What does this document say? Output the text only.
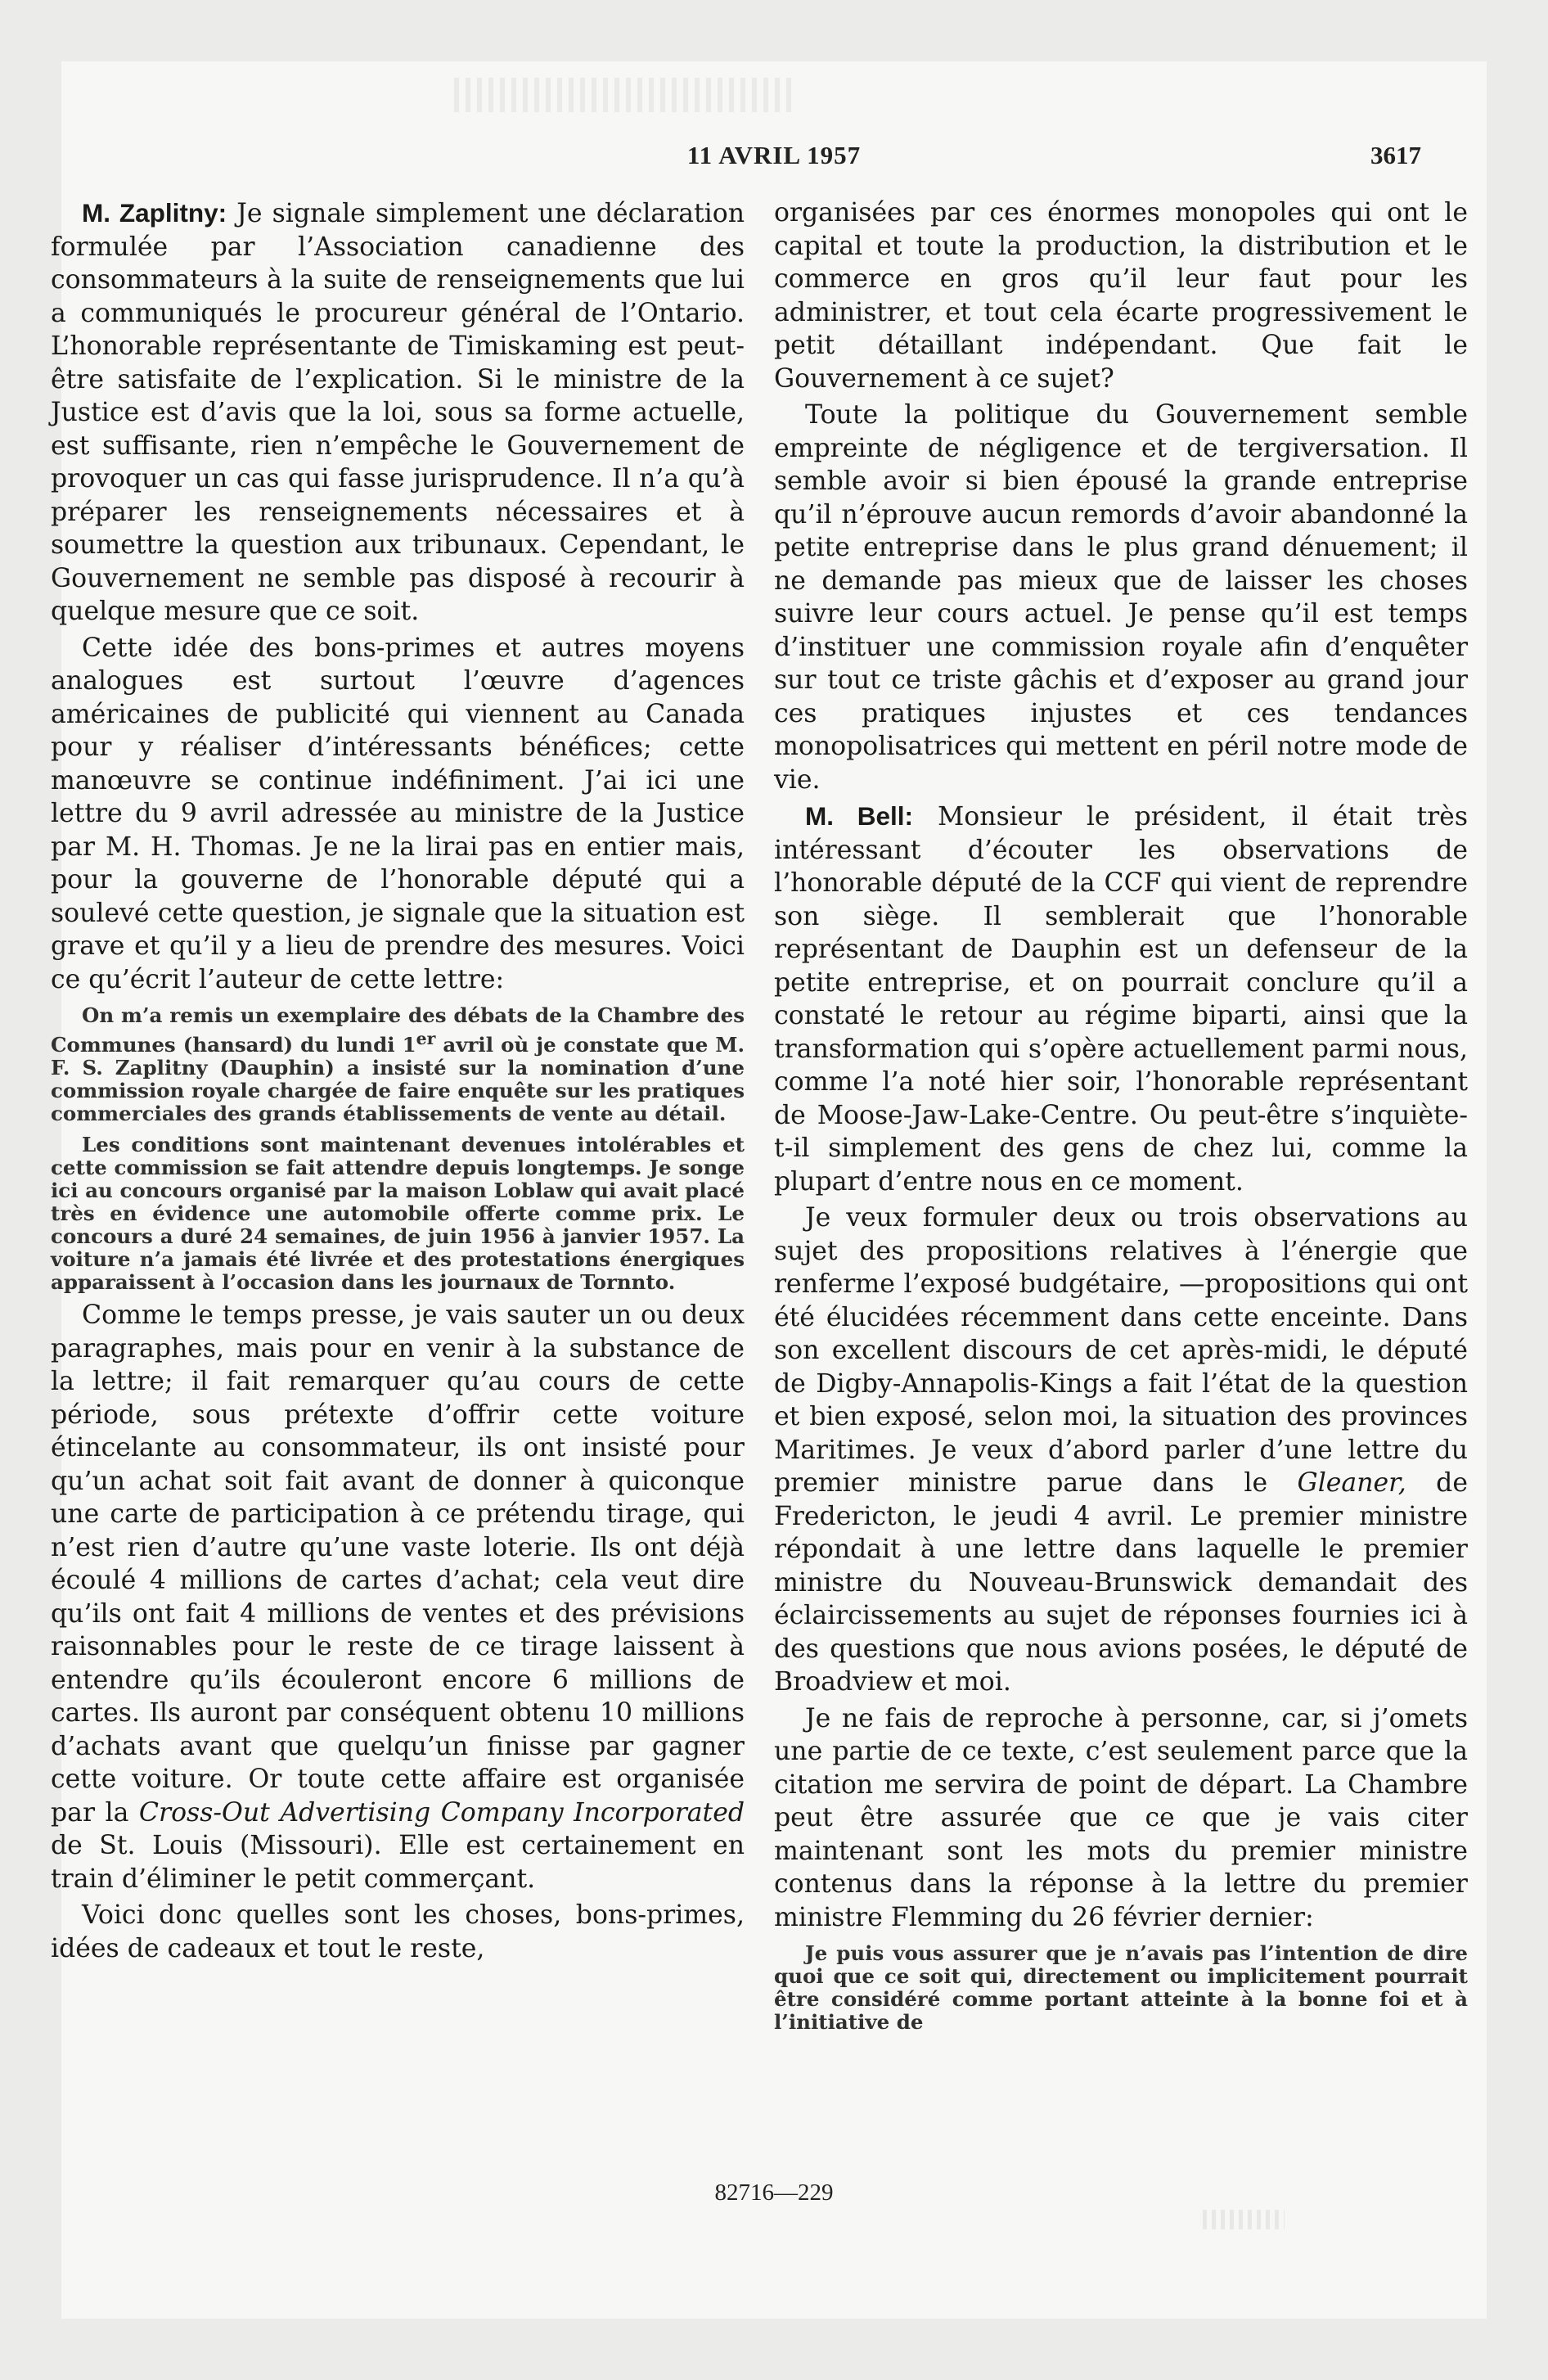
11 AVRIL 1957	3617

M. Zaplitny: Je signale simplement une déclaration formulée par l’Association canadienne des consommateurs à la suite de renseignements que lui a communiqués le procureur général de l’Ontario. L’honorable représentante de Timiskaming est peut-être satisfaite de l’explication. Si le ministre de la Justice est d’avis que la loi, sous sa forme actuelle, est suffisante, rien n’empêche le Gouvernement de provoquer un cas qui fasse jurisprudence. Il n’a qu’à préparer les renseignements nécessaires et à soumettre la question aux tribunaux. Cependant, le Gouvernement ne semble pas disposé à recourir à quelque mesure que ce soit.

Cette idée des bons-primes et autres moyens analogues est surtout l’œuvre d’agences américaines de publicité qui viennent au Canada pour y réaliser d’intéressants bénéfices; cette manœuvre se continue indéfiniment. J’ai ici une lettre du 9 avril adressée au ministre de la Justice par M. H. Thomas. Je ne la lirai pas en entier mais, pour la gouverne de l’honorable député qui a soulevé cette question, je signale que la situation est grave et qu’il y a lieu de prendre des mesures. Voici ce qu’écrit l’auteur de cette lettre:

On m’a remis un exemplaire des débats de la Chambre des Communes (hansard) du lundi 1er avril où je constate que M. F. S. Zaplitny (Dauphin) a insisté sur la nomination d’une commission royale chargée de faire enquête sur les pratiques commerciales des grands établissements de vente au détail.

Les conditions sont maintenant devenues intolérables et cette commission se fait attendre depuis longtemps. Je songe ici au concours organisé par la maison Loblaw qui avait placé très en évidence une automobile offerte comme prix. Le concours a duré 24 semaines, de juin 1956 à janvier 1957. La voiture n’a jamais été livrée et des protestations énergiques apparaissent à l’occasion dans les journaux de Tornnto.

Comme le temps presse, je vais sauter un ou deux paragraphes, mais pour en venir à la substance de la lettre; il fait remarquer qu’au cours de cette période, sous prétexte d’offrir cette voiture étincelante au consommateur, ils ont insisté pour qu’un achat soit fait avant de donner à quiconque une carte de participation à ce prétendu tirage, qui n’est rien d’autre qu’une vaste loterie. Ils ont déjà écoulé 4 millions de cartes d’achat; cela veut dire qu’ils ont fait 4 millions de ventes et des prévisions raisonnables pour le reste de ce tirage laissent à entendre qu’ils écouleront encore 6 millions de cartes. Ils auront par conséquent obtenu 10 millions d’achats avant que quelqu’un finisse par gagner cette voiture. Or toute cette affaire est organisée par la Cross-Out Advertising Company Incorporated de St. Louis (Missouri). Elle est certainement en train d’éliminer le petit commerçant.

Voici donc quelles sont les choses, bons-primes, idées de cadeaux et tout le reste,

organisées par ces énormes monopoles qui ont le capital et toute la production, la distribution et le commerce en gros qu’il leur faut pour les administrer, et tout cela écarte progressivement le petit détaillant indépendant. Que fait le Gouvernement à ce sujet?

Toute la politique du Gouvernement semble empreinte de négligence et de tergiversation. Il semble avoir si bien épousé la grande entreprise qu’il n’éprouve aucun remords d’avoir abandonné la petite entreprise dans le plus grand dénuement; il ne demande pas mieux que de laisser les choses suivre leur cours actuel. Je pense qu’il est temps d’instituer une commission royale afin d’enquêter sur tout ce triste gâchis et d’exposer au grand jour ces pratiques injustes et ces tendances monopolisatrices qui mettent en péril notre mode de vie.

M. Bell: Monsieur le président, il était très intéressant d’écouter les observations de l’honorable député de la CCF qui vient de reprendre son siège. Il semblerait que l’honorable représentant de Dauphin est un defenseur de la petite entreprise, et on pourrait conclure qu’il a constaté le retour au régime biparti, ainsi que la transformation qui s’opère actuellement parmi nous, comme l’a noté hier soir, l’honorable représentant de Moose-Jaw-Lake-Centre. Ou peut-être s’inquiète-t-il simplement des gens de chez lui, comme la plupart d’entre nous en ce moment.

Je veux formuler deux ou trois observations au sujet des propositions relatives à l’énergie que renferme l’exposé budgétaire, —propositions qui ont été élucidées récemment dans cette enceinte. Dans son excellent discours de cet après-midi, le député de Digby-Annapolis-Kings a fait l’état de la question et bien exposé, selon moi, la situation des provinces Maritimes. Je veux d’abord parler d’une lettre du premier ministre parue dans le Gleaner, de Fredericton, le jeudi 4 avril. Le premier ministre répondait à une lettre dans laquelle le premier ministre du Nouveau-Brunswick demandait des éclaircissements au sujet de réponses fournies ici à des questions que nous avions posées, le député de Broadview et moi.

Je ne fais de reproche à personne, car, si j’omets une partie de ce texte, c’est seulement parce que la citation me servira de point de départ. La Chambre peut être assurée que ce que je vais citer maintenant sont les mots du premier ministre contenus dans la réponse à la lettre du premier ministre Flemming du 26 février dernier:

Je puis vous assurer que je n’avais pas l’intention de dire quoi que ce soit qui, directement ou implicitement pourrait être considéré comme portant atteinte à la bonne foi et à l’initiative de

82716—229
